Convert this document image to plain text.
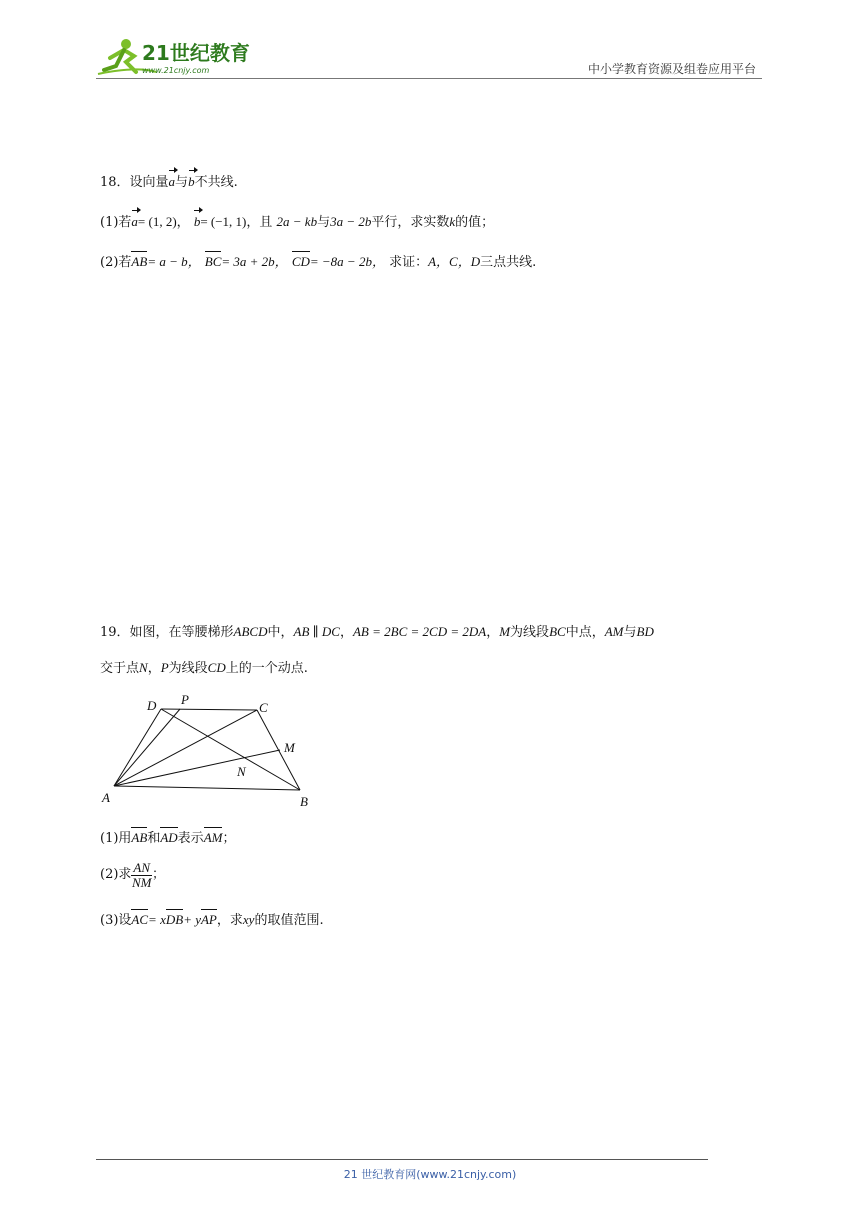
21世纪教育
www.21cnjy.com	中小学教育资源及组卷应用平台
18．设向量a与b不共线.
(1)若a= (1, 2)， b= (−1, 1)，且 2a − kb与3a − 2b平行，求实数k的值；
(2)若AB= a − b， BC= 3a + 2b， CD= −8a − 2b， 求证：A，C，D三点共线.
19．如图，在等腰梯形ABCD中，AB ∥ DC，AB = 2BC = 2CD = 2DA，M为线段BC中点，AM与BD
交于点N，P为线段CD上的一个动点.
A	B
C
D P
M
N
(1)用AB和AD表示AM；
(2)求 $\frac{AN}{NM}$ ；
(3)设AC= xDB+ yAP，求xy的取值范围.
21 世纪教育网(www.21cnjy.com)
